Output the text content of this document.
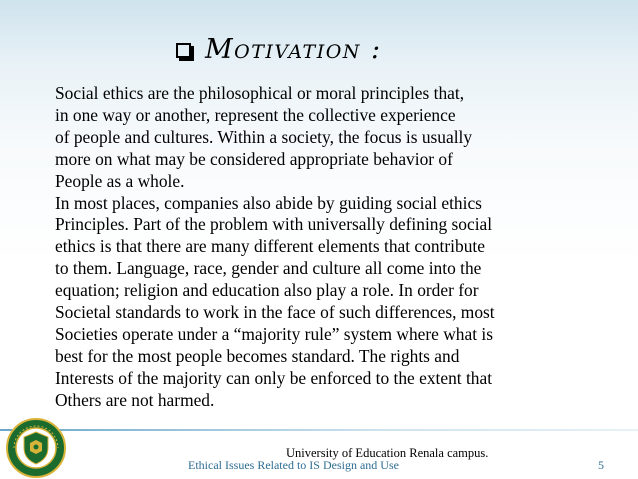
Motivation :
Social ethics are the philosophical or moral principles that,
in one way or another, represent the collective experience
of people and cultures. Within a society, the focus is usually
more on what may be considered appropriate behavior of
People as a whole.
In most places, companies also abide by guiding social ethics
Principles. Part of the problem with universally defining social
ethics is that there are many different elements that contribute
to them. Language, race, gender and culture all come into the
equation; religion and education also play a role. In order for
Societal standards to work in the face of such differences, most
Societies operate under a “majority rule” system where what is
best for the most people becomes standard. The rights and
Interests of the majority can only be enforced to the extent that
Others are not harmed.
University of Education Renala campus.
Ethical Issues Related to IS Design and Use	5
